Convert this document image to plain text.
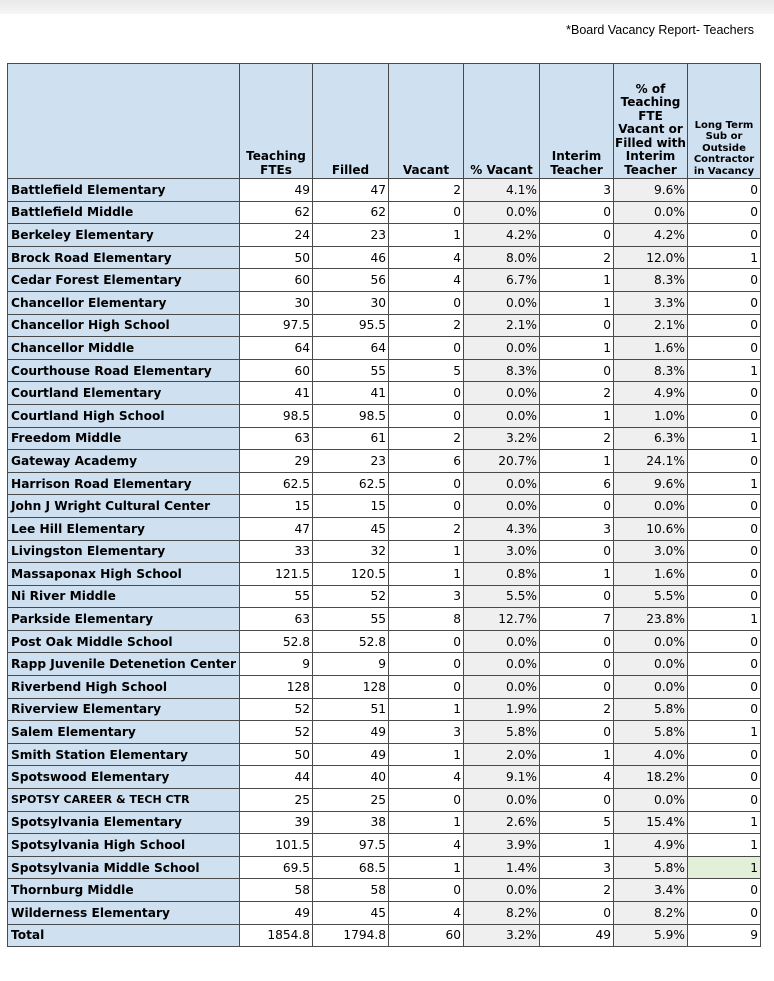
*Board Vacancy Report- Teachers
	Teaching FTEs	Filled	Vacant	% Vacant	Interim Teacher	% of Teaching FTE Vacant or Filled with Interim Teacher	Long Term Sub or Outside Contractor in Vacancy
Battlefield Elementary	49	47	2	4.1%	3	9.6%	0
Battlefield Middle	62	62	0	0.0%	0	0.0%	0
Berkeley Elementary	24	23	1	4.2%	0	4.2%	0
Brock Road Elementary	50	46	4	8.0%	2	12.0%	1
Cedar Forest Elementary	60	56	4	6.7%	1	8.3%	0
Chancellor Elementary	30	30	0	0.0%	1	3.3%	0
Chancellor High School	97.5	95.5	2	2.1%	0	2.1%	0
Chancellor Middle	64	64	0	0.0%	1	1.6%	0
Courthouse Road Elementary	60	55	5	8.3%	0	8.3%	1
Courtland Elementary	41	41	0	0.0%	2	4.9%	0
Courtland High School	98.5	98.5	0	0.0%	1	1.0%	0
Freedom Middle	63	61	2	3.2%	2	6.3%	1
Gateway Academy	29	23	6	20.7%	1	24.1%	0
Harrison Road Elementary	62.5	62.5	0	0.0%	6	9.6%	1
John J Wright Cultural Center	15	15	0	0.0%	0	0.0%	0
Lee Hill Elementary	47	45	2	4.3%	3	10.6%	0
Livingston Elementary	33	32	1	3.0%	0	3.0%	0
Massaponax High School	121.5	120.5	1	0.8%	1	1.6%	0
Ni River Middle	55	52	3	5.5%	0	5.5%	0
Parkside Elementary	63	55	8	12.7%	7	23.8%	1
Post Oak Middle School	52.8	52.8	0	0.0%	0	0.0%	0
Rapp Juvenile Detenetion Center	9	9	0	0.0%	0	0.0%	0
Riverbend High School	128	128	0	0.0%	0	0.0%	0
Riverview Elementary	52	51	1	1.9%	2	5.8%	0
Salem Elementary	52	49	3	5.8%	0	5.8%	1
Smith Station Elementary	50	49	1	2.0%	1	4.0%	0
Spotswood Elementary	44	40	4	9.1%	4	18.2%	0
SPOTSY CAREER & TECH CTR	25	25	0	0.0%	0	0.0%	0
Spotsylvania Elementary	39	38	1	2.6%	5	15.4%	1
Spotsylvania High School	101.5	97.5	4	3.9%	1	4.9%	1
Spotsylvania Middle School	69.5	68.5	1	1.4%	3	5.8%	1
Thornburg Middle	58	58	0	0.0%	2	3.4%	0
Wilderness Elementary	49	45	4	8.2%	0	8.2%	0
Total	1854.8	1794.8	60	3.2%	49	5.9%	9
